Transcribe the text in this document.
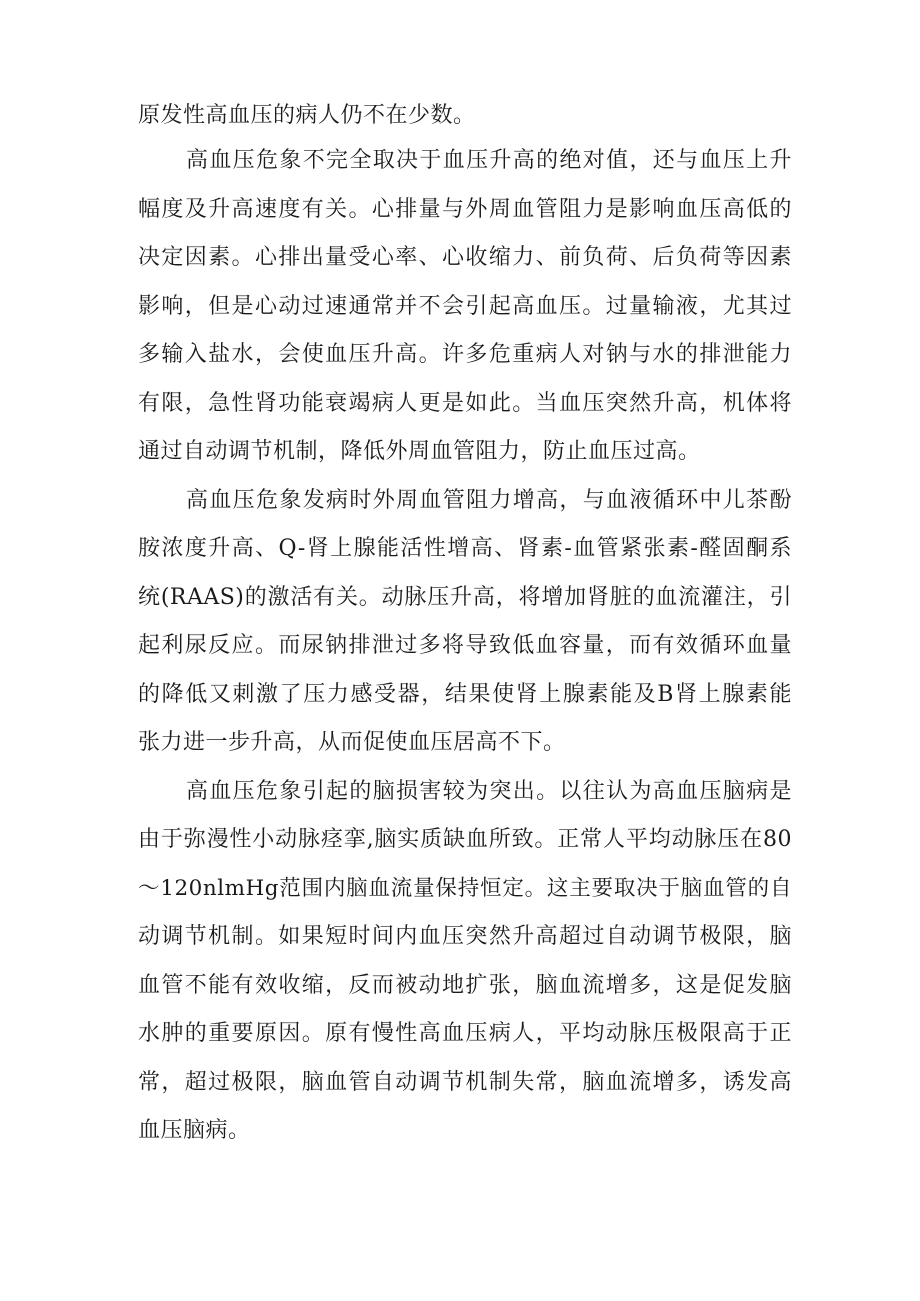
原发性高血压的病人仍不在少数。
高血压危象不完全取决于血压升高的绝对值，还与血压上升
幅度及升高速度有关。心排量与外周血管阻力是影响血压高低的
决定因素。心排出量受心率、心收缩力、前负荷、后负荷等因素
影响，但是心动过速通常并不会引起高血压。过量输液，尤其过
多输入盐水，会使血压升高。许多危重病人对钠与水的排泄能力
有限，急性肾功能衰竭病人更是如此。当血压突然升高，机体将
通过自动调节机制，降低外周血管阻力，防止血压过高。
高血压危象发病时外周血管阻力增高，与血液循环中儿茶酚
胺浓度升高、Q-肾上腺能活性增高、肾素-血管紧张素-醛固酮系
统(RAAS)的激活有关。动脉压升高，将增加肾脏的血流灌注，引
起利尿反应。而尿钠排泄过多将导致低血容量，而有效循环血量
的降低又刺激了压力感受器，结果使肾上腺素能及B肾上腺素能
张力进一步升高，从而促使血压居高不下。
高血压危象引起的脑损害较为突出。以往认为高血压脑病是
由于弥漫性小动脉痉挛,脑实质缺血所致。正常人平均动脉压在80
～120nlmHg范围内脑血流量保持恒定。这主要取决于脑血管的自
动调节机制。如果短时间内血压突然升高超过自动调节极限，脑
血管不能有效收缩，反而被动地扩张，脑血流增多，这是促发脑
水肿的重要原因。原有慢性高血压病人，平均动脉压极限高于正
常，超过极限，脑血管自动调节机制失常，脑血流增多，诱发高
血压脑病。
